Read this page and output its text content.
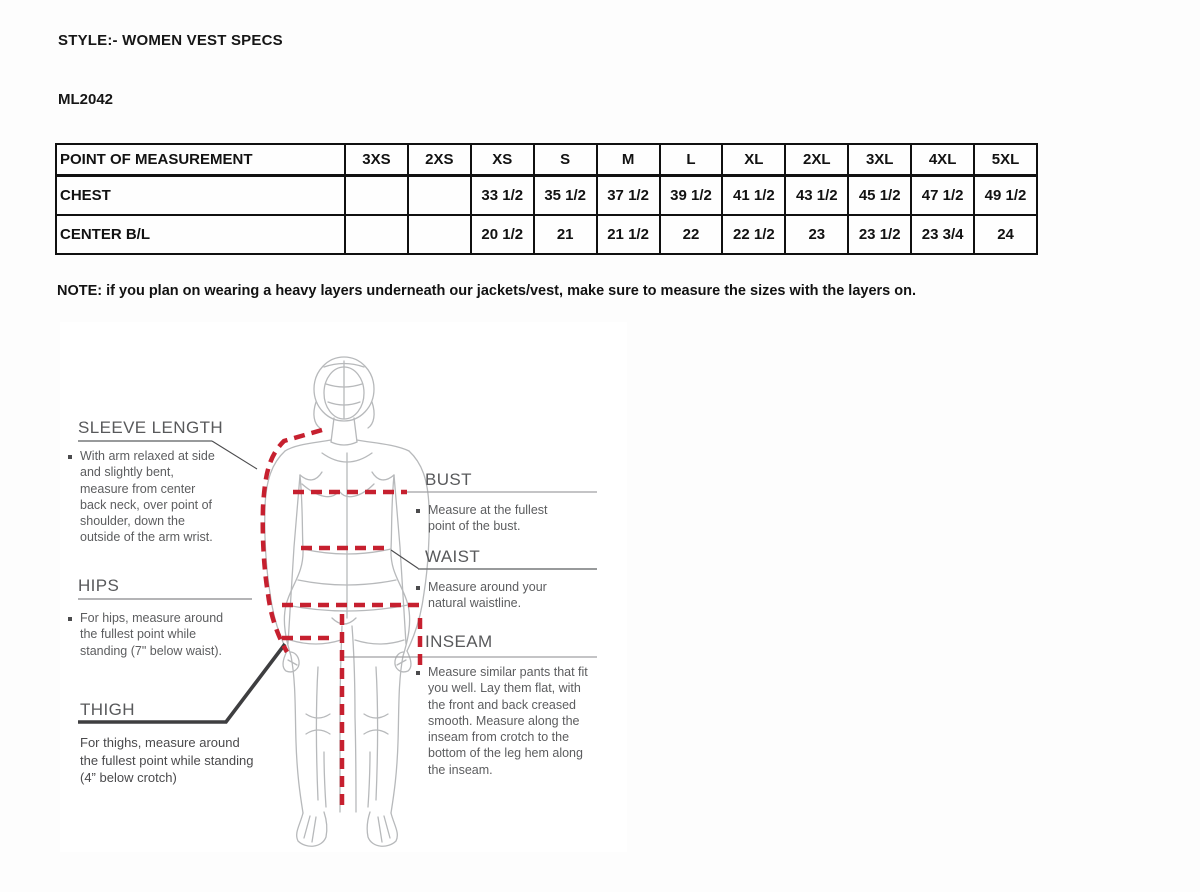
STYLE:- WOMEN VEST SPECS
ML2042
POINT OF MEASUREMENT	3XS	2XS	XS	S	M	L	XL	2XL	3XL	4XL	5XL
CHEST			33 1/2	35 1/2	37 1/2	39 1/2	41 1/2	43 1/2	45 1/2	47 1/2	49 1/2
CENTER B/L			20 1/2	21	21 1/2	22	22 1/2	23	23 1/2	23 3/4	24
NOTE: if you plan on wearing a heavy layers underneath our jackets/vest, make sure to measure the sizes with the layers on.
SLEEVE LENGTH
With arm relaxed at side and slightly bent, measure from center back neck, over point of shoulder, down the outside of the arm wrist.
HIPS
For hips, measure around the fullest point while standing (7" below waist).
THIGH
For thighs, measure around the fullest point while standing (4” below crotch)
BUST
Measure at the fullest point of the bust.
WAIST
Measure around your natural waistline.
INSEAM
Measure similar pants that fit you well. Lay them flat, with the front and back creased smooth. Measure along the inseam from crotch to the bottom of the leg hem along the inseam.
